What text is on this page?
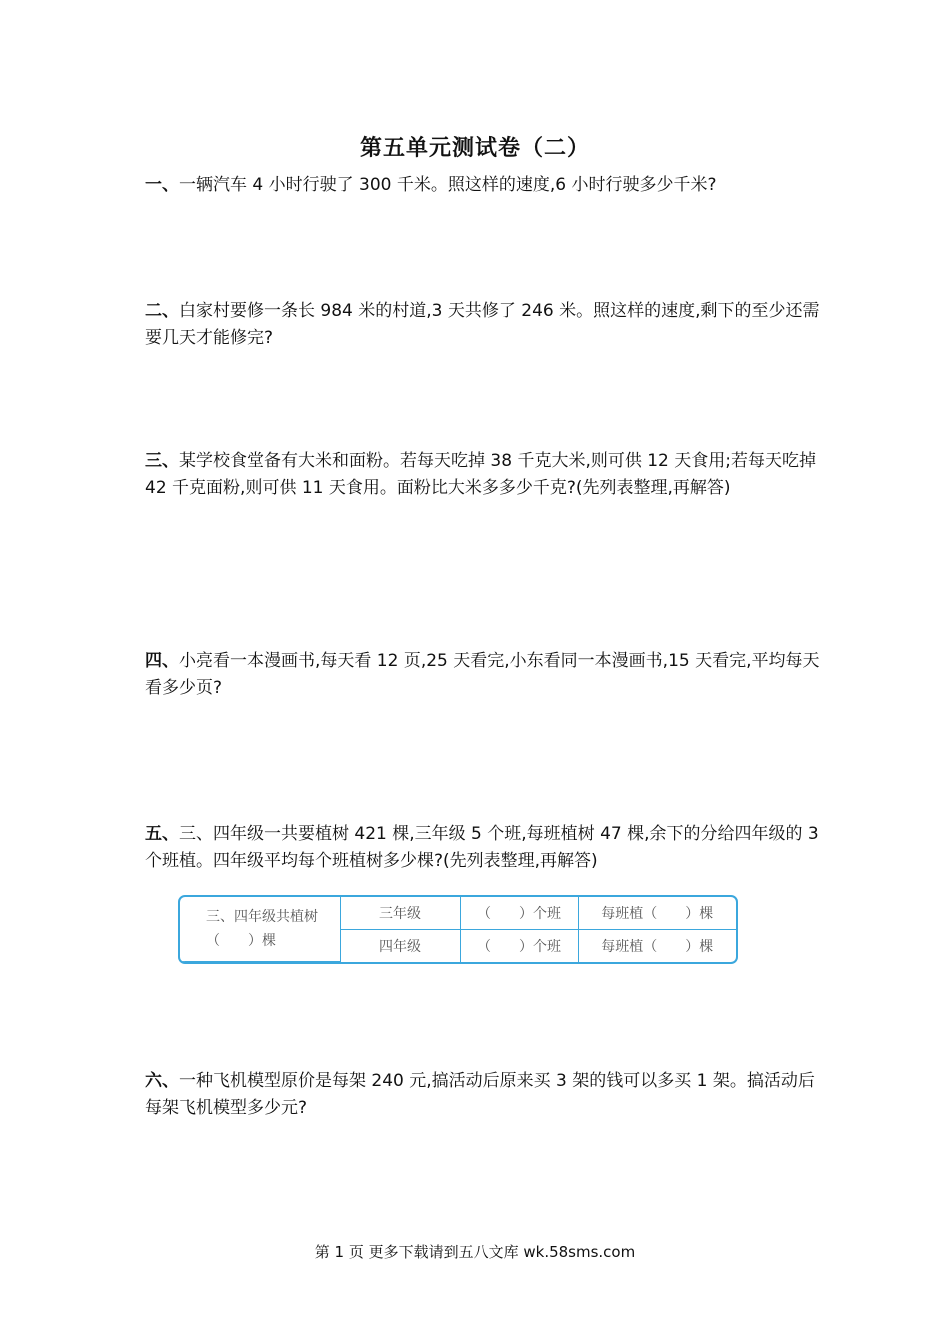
第五单元测试卷（二）
一、一辆汽车 4 小时行驶了 300 千米。照这样的速度,6 小时行驶多少千米?
二、白家村要修一条长 984 米的村道,3 天共修了 246 米。照这样的速度,剩下的至少还需要几天才能修完?
三、某学校食堂备有大米和面粉。若每天吃掉 38 千克大米,则可供 12 天食用;若每天吃掉 42 千克面粉,则可供 11 天食用。面粉比大米多多少千克?(先列表整理,再解答)
四、小亮看一本漫画书,每天看 12 页,25 天看完,小东看同一本漫画书,15 天看完,平均每天看多少页?
五、三、四年级一共要植树 421 棵,三年级 5 个班,每班植树 47 棵,余下的分给四年级的 3 个班植。四年级平均每个班植树多少棵?(先列表整理,再解答)
三、四年级共植树（　　）棵	三年级	（　　）个班	每班植（　　）棵
	四年级	（　　）个班	每班植（　　）棵
六、一种飞机模型原价是每架 240 元,搞活动后原来买 3 架的钱可以多买 1 架。搞活动后每架飞机模型多少元?
第 1 页 更多下载请到五八文库 wk.58sms.com
